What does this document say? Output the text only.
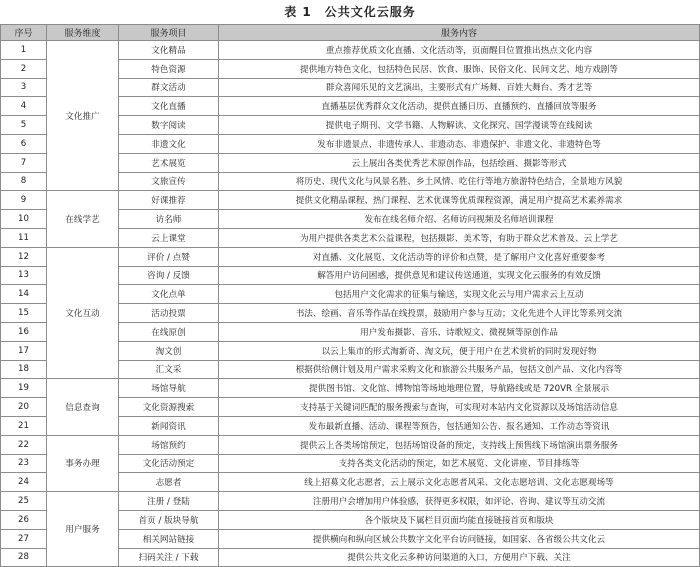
表 1　公共文化云服务
序号	服务维度	服务项目	服务内容
1	文化推广	文化精品	重点推荐优质文化直播、文化活动等，页面醒目位置推出热点文化内容
2		特色资源	提供地方特色文化，包括特色民居、饮食、服饰、民俗文化、民间文艺、地方戏剧等
3		群文活动	群众喜闻乐见的文艺演出，主要形式有广场舞、百姓大舞台、秀才艺等
4		文化直播	直播基层优秀群众文化活动，提供直播日历、直播预约、直播回放等服务
5		数字阅读	提供电子期刊、文学书籍、人物解读、文化探究、国学漫谈等在线阅读
6		非遗文化	发布非遗景点、非遗传承人、非遗动态、非遗保护、非遗文化、非遗特色等
7		艺术展览	云上展出各类优秀艺术原创作品，包括绘画、摄影等形式
8		文旅宣传	将历史、现代文化与风景名胜、乡土风情、吃住行等地方旅游特色结合，全景地方风貌
9	在线学艺	好课推荐	提供文化精品课程、热门课程、艺术优课等优质课程资源，满足用户提高艺术素养需求
10		访名师	发布在线名师介绍、名师访问视频及名师培训课程
11		云上课堂	为用户提供各类艺术公益课程，包括摄影、美术等，有助于群众艺术普及、云上学艺
12	文化互动	评价 / 点赞	对直播、文化展览、文化活动等的评价和点赞，是了解用户文化喜好重要参考
13		咨询 / 反馈	解答用户访问困惑，提供意见和建议传送通道，实现文化云服务的有效反馈
14		文化点单	包括用户文化需求的征集与输送，实现文化云与用户需求云上互动
15		活动投票	书法、绘画、音乐等作品在线投票，鼓励用户参与互动；文化先进个人评比等系列交流
16		在线原创	用户发布摄影、音乐、诗歌短文、微视频等原创作品
17		淘文创	以云上集市的形式淘新奇、淘文玩，便于用户在艺术赏析的同时发现好物
18		汇文采	根据供给侧计划及用户需求采购文化和旅游公共服务产品，包括文创产品、文化内容等
19	信息查询	场馆导航	提供图书馆、文化馆、博物馆等场地地理位置，导航路线或是 720VR 全景展示
20		文化资源搜索	支持基于关键词匹配的服务搜索与查询，可实现对本站内文化资源以及场馆活动信息
21		新闻资讯	发布最新直播、活动、课程等预告，包括通知公告、报名通知、工作动态等资讯
22	事务办理	场馆预约	提供云上各类场馆预定，包括场馆设备的预定，支持线上预售线下场馆演出票务服务
23		文化活动预定	支持各类文化活动的预定，如艺术展览、文化讲座、节目排练等
24		志愿者	线上招募文化志愿者，云上展示文化志愿者风采、文化志愿培训、文化志愿观场等
25	用户服务	注册 / 登陆	注册用户会增加用户体验感，获得更多权限，如评论、咨询、建议等互动交流
26		首页 / 版块导航	各个版块及下属栏目页面均能直接链接首页和版块
27		相关网站链接	提供横向和纵向区域公共数字文化平台访问链接，如国家、各省级公共文化云
28		扫码关注 / 下载	提供公共文化云多种访问渠道的入口，方便用户下载、关注
